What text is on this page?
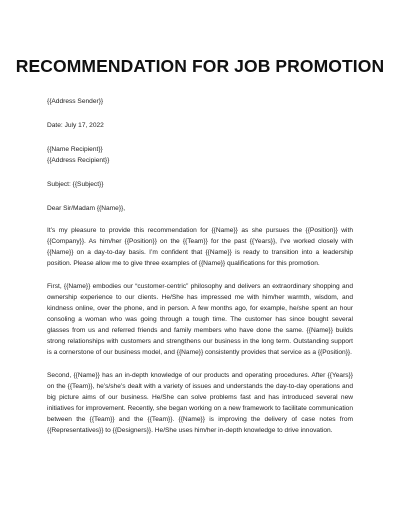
RECOMMENDATION FOR JOB PROMOTION
{{Address Sender}}
Date: July 17, 2022
{{Name Recipient}}
{{Address Recipient}}
Subject: {{Subject}}
Dear Sir/Madam {{Name}},

It’s my pleasure to provide this recommendation for {{Name}} as she pursues the {{Position}} with {{Company}}. As him/her {{Position}} on the {{Team}} for the past {{Years}}, I’ve worked closely with {{Name}} on a day-to-day basis. I’m confident that {{Name}} is ready to transition into a leadership position. Please allow me to give three examples of {{Name}} qualifications for this promotion.

First, {{Name}} embodies our “customer-centric” philosophy and delivers an extraordinary shopping and ownership experience to our clients. He/She has impressed me with him/her warmth, wisdom, and kindness online, over the phone, and in person. A few months ago, for example, he/she spent an hour consoling a woman who was going through a tough time. The customer has since bought several glasses from us and referred friends and family members who have done the same. {{Name}} builds strong relationships with customers and strengthens our business in the long term. Outstanding support is a cornerstone of our business model, and {{Name}} consistently provides that service as a {{Position}}.

Second, {{Name}} has an in-depth knowledge of our products and operating procedures. After {{Years}} on the {{Team}}, he’s/she’s dealt with a variety of issues and understands the day-to-day operations and big picture aims of our business. He/She can solve problems fast and has introduced several new initiatives for improvement. Recently, she began working on a new framework to facilitate communication between the {{Team}} and the {{Team}}. {{Name}} is improving the delivery of case notes from {{Representatives}} to {{Designers}}. He/She uses him/her in-depth knowledge to drive innovation.
